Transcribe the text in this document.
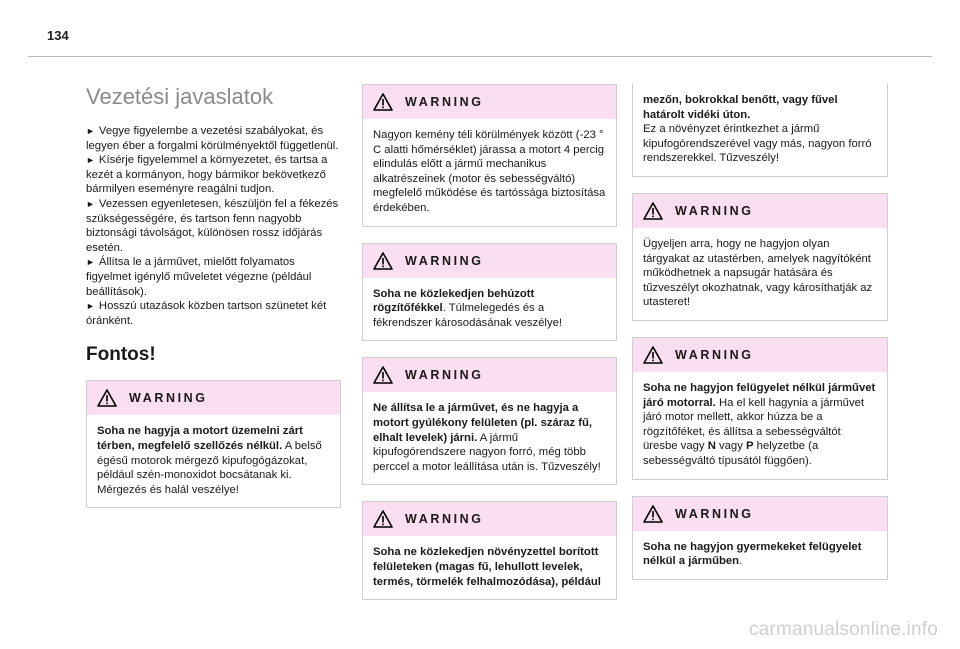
134
Vezetési javaslatok
► Vegye figyelembe a vezetési szabályokat, és legyen éber a forgalmi körülményektől függetlenül.
► Kísérje figyelemmel a környezetet, és tartsa a kezét a kormányon, hogy bármikor bekövetkező bármilyen eseményre reagálni tudjon.
► Vezessen egyenletesen, készüljön fel a fékezés szükségességére, és tartson fenn nagyobb biztonsági távolságot, különösen rossz időjárás esetén.
► Állítsa le a járművet, mielőtt folyamatos figyelmet igénylő műveletet végezne (például beállítások).
► Hosszú utazások közben tartson szünetet két óránként.
Fontos!
WARNING
Soha ne hagyja a motort üzemelni zárt térben, megfelelő szellőzés nélkül. A belső égésű motorok mérgező kipufogógázokat, például szén-monoxidot bocsátanak ki. Mérgezés és halál veszélye!
WARNING
Nagyon kemény téli körülmények között (-23 ° C alatti hőmérséklet) járassa a motort 4 percig elindulás előtt a jármű mechanikus alkatrészeinek (motor és sebességváltó) megfelelő működése és tartóssága biztosítása érdekében.
WARNING
Soha ne közlekedjen behúzott rögzítőfékkel. Túlmelegedés és a fékrendszer károsodásának veszélye!
WARNING
Ne állítsa le a járművet, és ne hagyja a motort gyúlékony felületen (pl. száraz fű, elhalt levelek) járni. A jármű kipufogórendszere nagyon forró, még több perccel a motor leállítása után is. Tűzveszély!
WARNING
Soha ne közlekedjen növényzettel borított felületeken (magas fű, lehullott levelek, termés, törmelék felhalmozódása), például
mezőn, bokrokkal benőtt, vagy fűvel határolt vidéki úton.
Ez a növényzet érintkezhet a jármű kipufogórendszerével vagy más, nagyon forró rendszerekkel. Tűzveszély!
WARNING
Ügyeljen arra, hogy ne hagyjon olyan tárgyakat az utastérben, amelyek nagyítóként működhetnek a napsugár hatására és tűzveszélyt okozhatnak, vagy károsíthatják az utasteret!
WARNING
Soha ne hagyjon felügyelet nélkül járművet járó motorral. Ha el kell hagynia a járművet járó motor mellett, akkor húzza be a rögzítőféket, és állítsa a sebességváltót üresbe vagy N vagy P helyzetbe (a sebességváltó típusától függően).
WARNING
Soha ne hagyjon gyermekeket felügyelet nélkül a járműben.
carmanualsonline.info
